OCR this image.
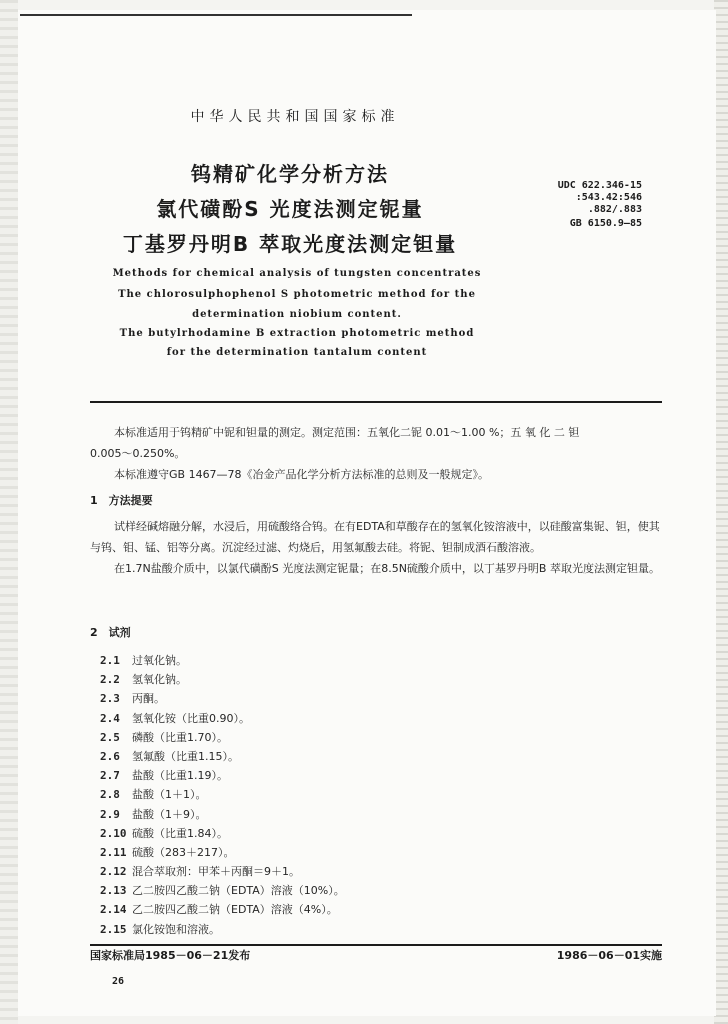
中华人民共和国国家标准
钨精矿化学分析方法
氯代磺酚S 光度法测定铌量
丁基罗丹明B 萃取光度法测定钽量
UDC 622.346-15
:543.42:546
.882/.883
GB 6150.9—85
Methods for chemical analysis of tungsten concentrates
The chlorosulphophenol S photometric method for the
determination niobium content.
The butylrhodamine B extraction photometric method
for the determination tantalum content

本标准适用于钨精矿中铌和钽量的测定。测定范围：五氧化二铌 0.01～1.00 %；五 氧 化 二 钽

0.005～0.250%。

本标准遵守GB 1467—78《冶金产品化学分析方法标准的总则及一般规定》。

1　方法提要

试样经碱熔融分解，水浸后，用硫酸络合钨。在有EDTA和草酸存在的氢氧化铵溶液中，以硅酸富集铌、钽，使其与钨、钼、锰、铝等分离。沉淀经过滤、灼烧后，用氢氟酸去硅。将铌、钽制成酒石酸溶液。

在1.7N盐酸介质中，以氯代磺酚S 光度法测定铌量；在8.5N硫酸介质中，以丁基罗丹明B 萃取光度法测定钽量。

2　试剂
2.1 过氧化钠。
2.2 氢氧化钠。
2.3 丙酮。
2.4 氢氧化铵（比重0.90）。
2.5 磷酸（比重1.70）。
2.6 氢氟酸（比重1.15）。
2.7 盐酸（比重1.19）。
2.8 盐酸（1＋1）。
2.9 盐酸（1＋9）。
2.10 硫酸（比重1.84）。
2.11 硫酸（283＋217）。
2.12 混合萃取剂：甲苯＋丙酮＝9＋1。
2.13 乙二胺四乙酸二钠（EDTA）溶液（10%）。
2.14 乙二胺四乙酸二钠（EDTA）溶液（4%）。
2.15 氯化铵饱和溶液。
国家标准局1985－06－21发布	1986－06－01实施
26
